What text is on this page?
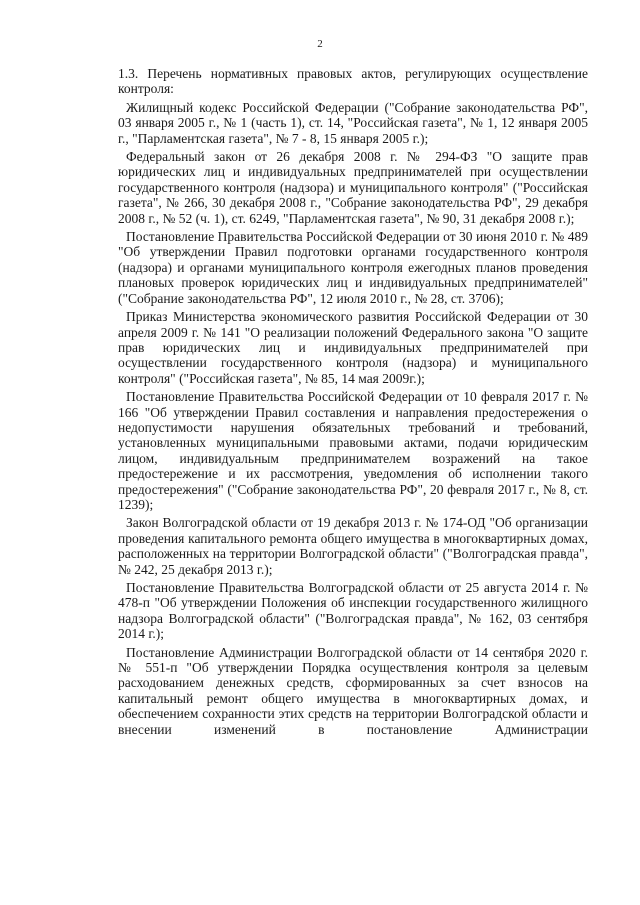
2

1.3. Перечень нормативных правовых актов, регулирующих осуществление контроля:

Жилищный кодекс Российской Федерации ("Собрание законодательства РФ", 03 января 2005 г., № 1 (часть 1), ст. 14, "Российская газета", № 1, 12 января 2005 г., "Парламентская газета", № 7 - 8, 15 января 2005 г.);

Федеральный закон от 26 декабря 2008 г. № 294-ФЗ "О защите прав юридических лиц и индивидуальных предпринимателей при осуществлении государственного контроля (надзора) и муниципального контроля" ("Российская газета", № 266, 30 декабря 2008 г., "Собрание законодательства РФ", 29 декабря 2008 г., № 52 (ч. 1), ст. 6249, "Парламентская газета", № 90, 31 декабря 2008 г.);

Постановление Правительства Российской Федерации от 30 июня 2010 г. № 489 "Об утверждении Правил подготовки органами государственного контроля (надзора) и органами муниципального контроля ежегодных планов проведения плановых проверок юридических лиц и индивидуальных предпринимателей" ("Собрание законодательства РФ", 12 июля 2010 г., № 28, ст. 3706);

Приказ Министерства экономического развития Российской Федерации от 30 апреля 2009 г. № 141 "О реализации положений Федерального закона "О защите прав юридических лиц и индивидуальных предпринимателей при осуществлении государственного контроля (надзора) и муниципального контроля" ("Российская газета", № 85, 14 мая 2009г.);

Постановление Правительства Российской Федерации от 10 февраля 2017 г. № 166 "Об утверждении Правил составления и направления предостережения о недопустимости нарушения обязательных требований и требований, установленных муниципальными правовыми актами, подачи юридическим лицом, индивидуальным предпринимателем возражений на такое предостережение и их рассмотрения, уведомления об исполнении такого предостережения" ("Собрание законодательства РФ", 20 февраля 2017 г., № 8, ст. 1239);

Закон Волгоградской области от 19 декабря 2013 г. № 174-ОД "Об организации проведения капитального ремонта общего имущества в многоквартирных домах, расположенных на территории Волгоградской области" ("Волгоградская правда", № 242, 25 декабря 2013 г.);

Постановление Правительства Волгоградской области от 25 августа 2014 г. № 478-п "Об утверждении Положения об инспекции государственного жилищного надзора Волгоградской области" ("Волгоградская правда", № 162, 03 сентября 2014 г.);

Постановление Администрации Волгоградской области от 14 сентября 2020 г. № 551-п "Об утверждении Порядка осуществления контроля за целевым расходованием денежных средств, сформированных за счет взносов на капитальный ремонт общего имущества в многоквартирных домах, и обеспечением сохранности этих средств на территории Волгоградской области и внесении изменений в постановление Администрации
